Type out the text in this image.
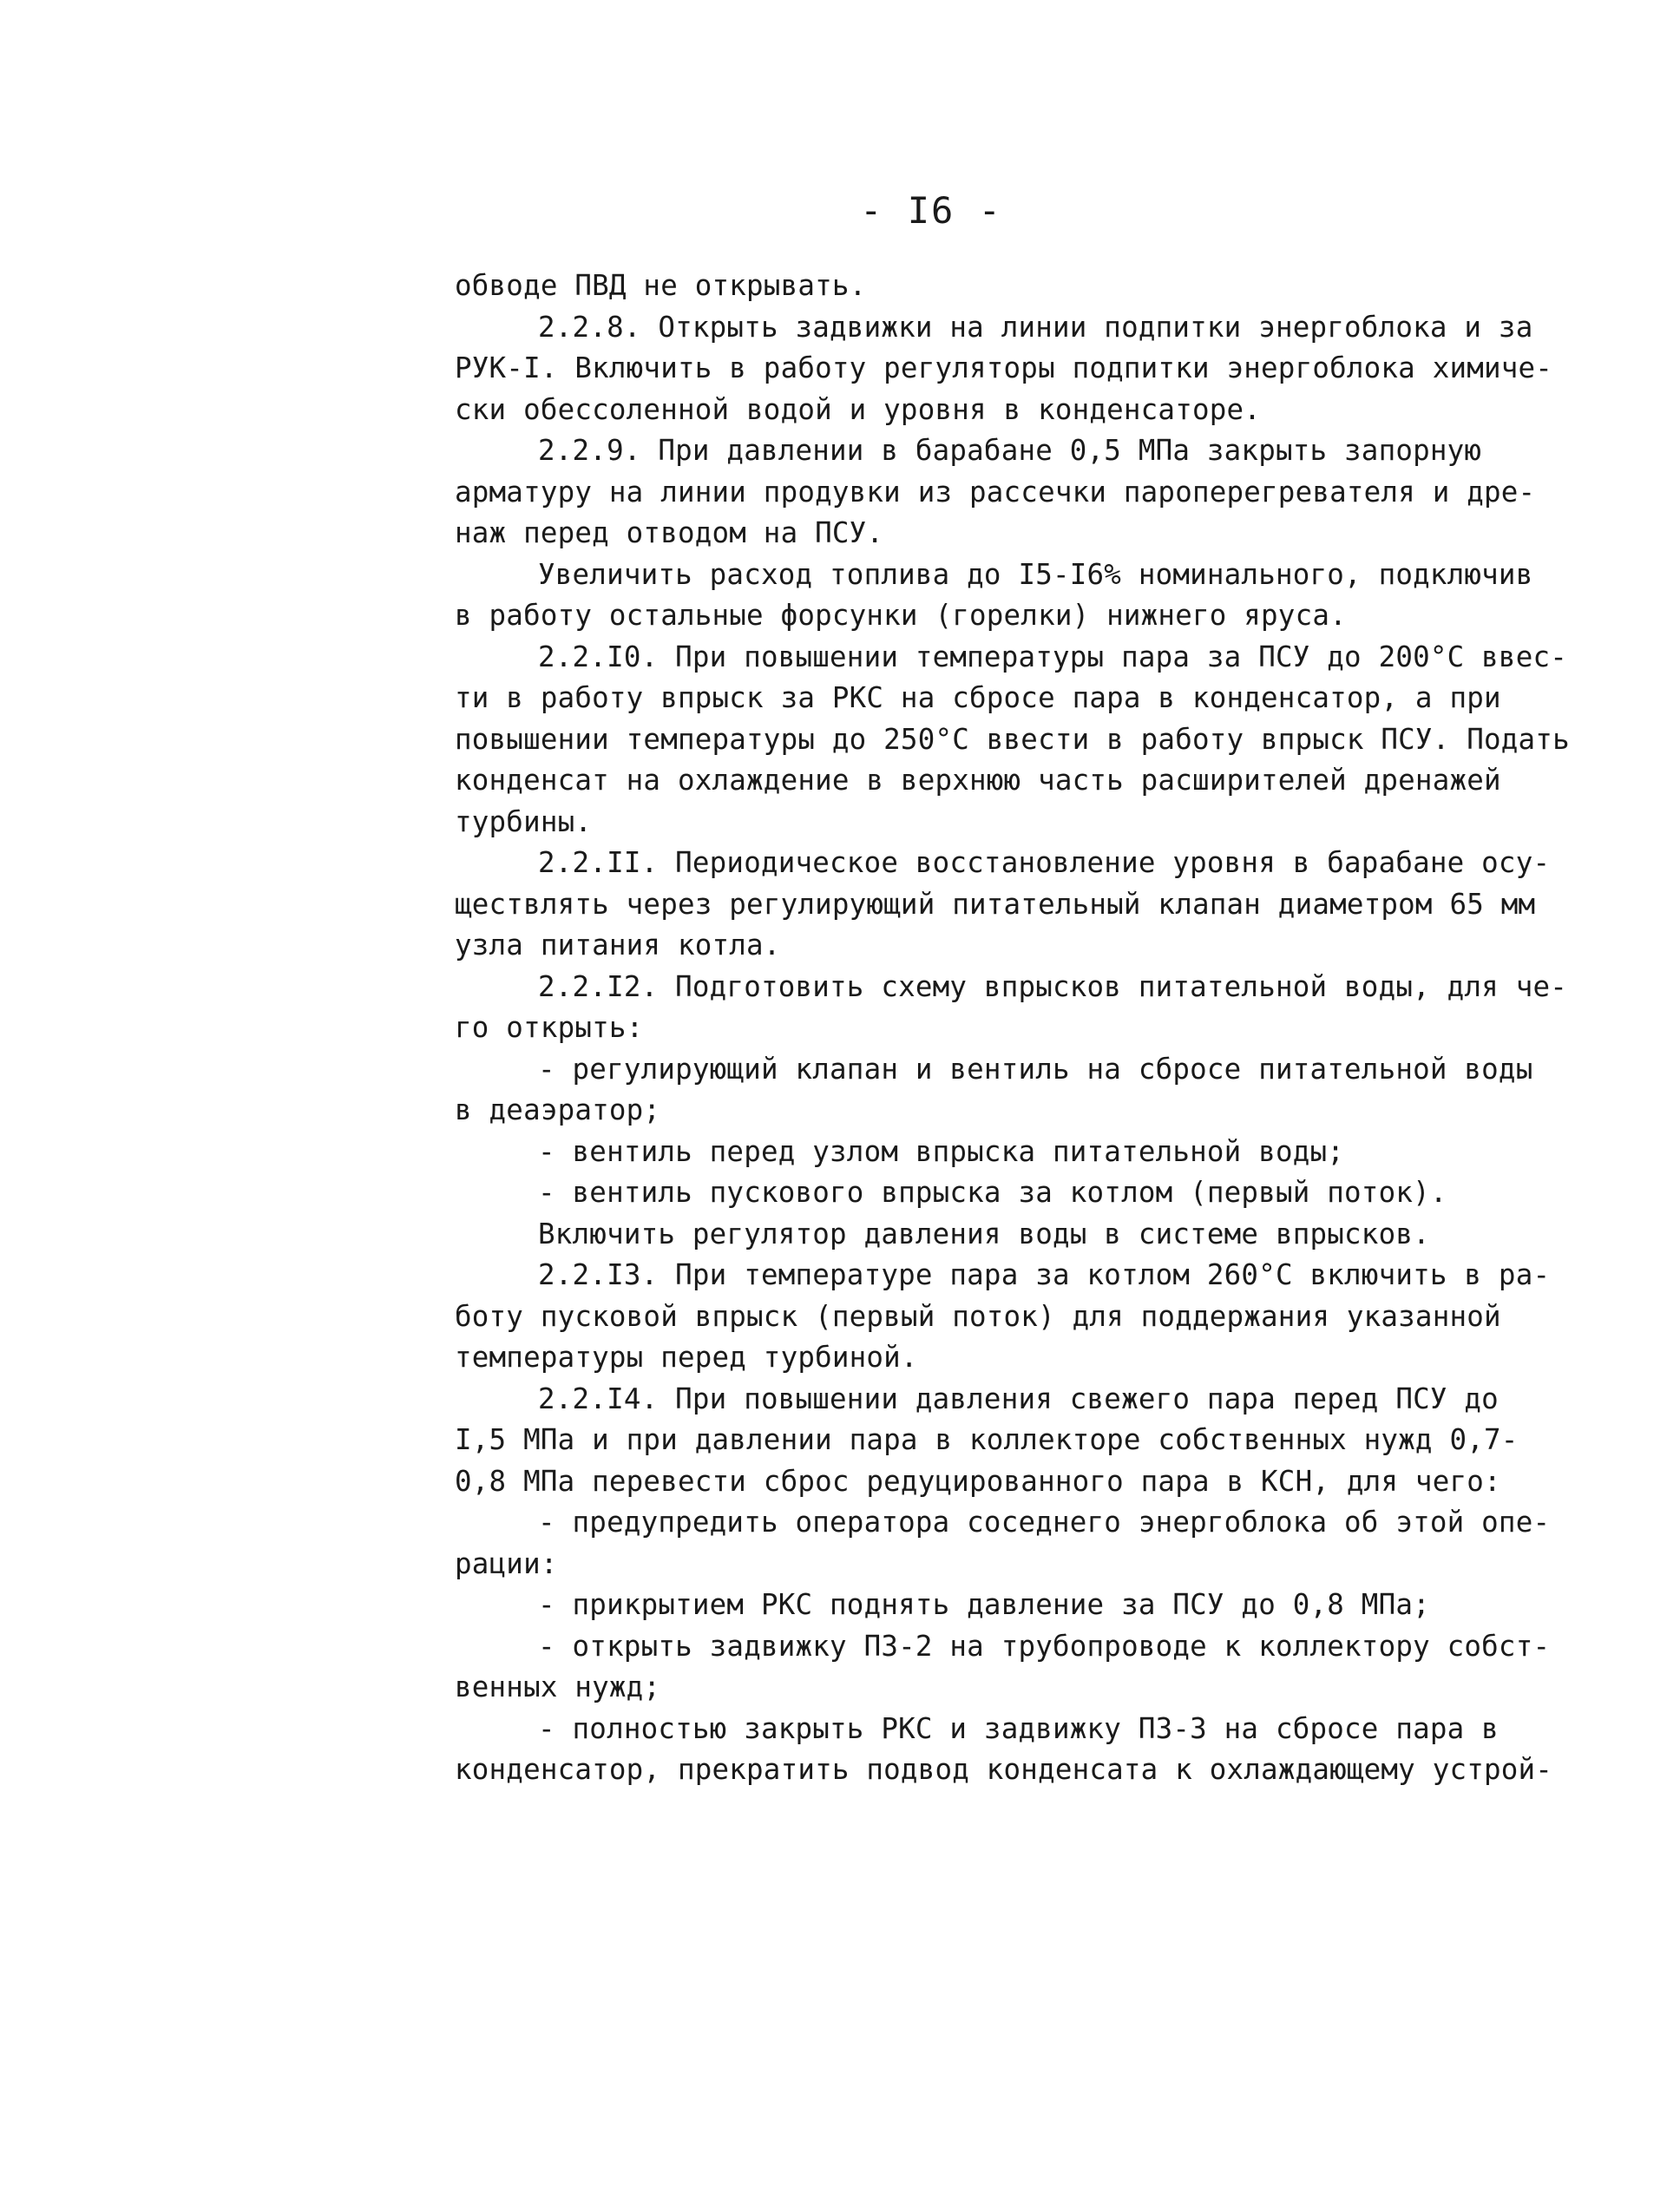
- I6 -
обводе ПВД не открывать.
2.2.8. Открыть задвижки на линии подпитки энергоблока и за
РУК-I. Включить в работу регуляторы подпитки энергоблока химиче-
ски обессоленной водой и уровня в конденсаторе.
2.2.9. При давлении в барабане 0,5 МПа закрыть запорную
арматуру на линии продувки из рассечки пароперегревателя и дре-
наж перед отводом на ПСУ.
Увеличить расход топлива до I5-I6% номинального, подключив
в работу остальные форсунки (горелки) нижнего яруса.
2.2.I0. При повышении температуры пара за ПСУ до 200°С ввес-
ти в работу впрыск за РКС на сбросе пара в конденсатор, а при
повышении температуры до 250°С ввести в работу впрыск ПСУ. Подать
конденсат на охлаждение в верхнюю часть расширителей дренажей
турбины.
2.2.II. Периодическое восстановление уровня в барабане осу-
ществлять через регулирующий питательный клапан диаметром 65 мм
узла питания котла.
2.2.I2. Подготовить схему впрысков питательной воды, для че-
го открыть:
- регулирующий клапан и вентиль на сбросе питательной воды
в деаэратор;
- вентиль перед узлом впрыска питательной воды;
- вентиль пускового впрыска за котлом (первый поток).
Включить регулятор давления воды в системе впрысков.
2.2.I3. При температуре пара за котлом 260°С включить в ра-
боту пусковой впрыск (первый поток) для поддержания указанной
температуры перед турбиной.
2.2.I4. При повышении давления свежего пара перед ПСУ до
I,5 МПа и при давлении пара в коллекторе собственных нужд 0,7-
0,8 МПа перевести сброс редуцированного пара в КСН, для чего:
- предупредить оператора соседнего энергоблока об этой опе-
рации:
- прикрытием РКС поднять давление за ПСУ до 0,8 МПа;
- открыть задвижку ПЗ-2 на трубопроводе к коллектору собст-
венных нужд;
- полностью закрыть РКС и задвижку ПЗ-3 на сбросе пара в
конденсатор, прекратить подвод конденсата к охлаждающему устрой-
